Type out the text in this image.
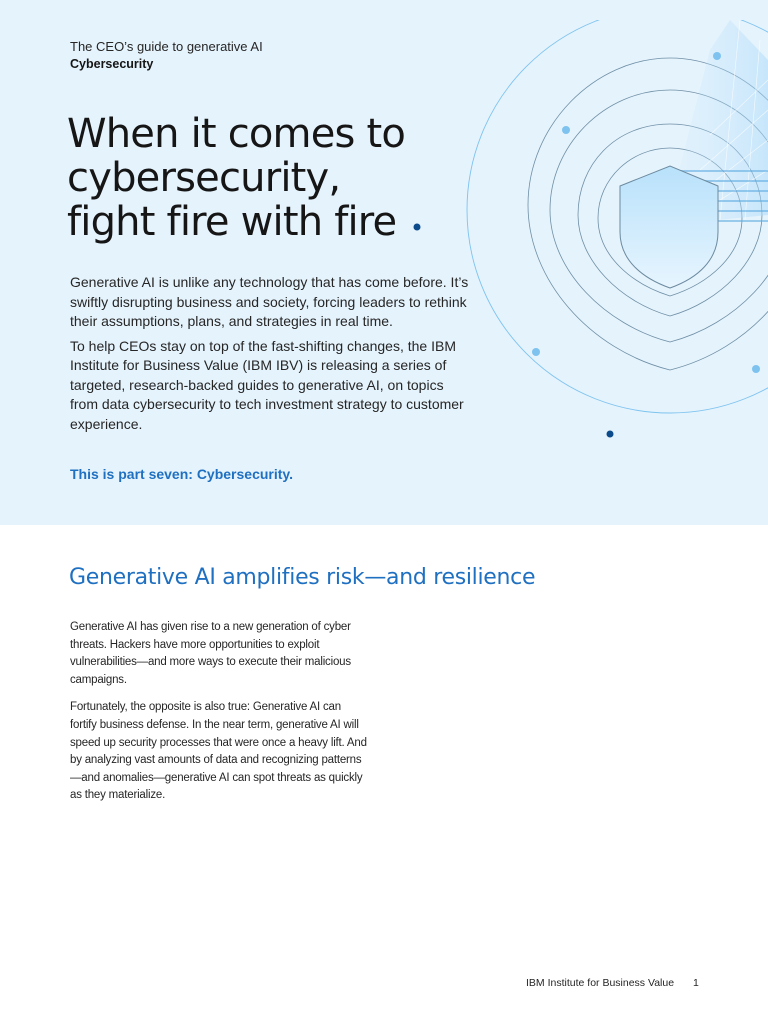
The CEO’s guide to generative AI
Cybersecurity
When it comes to cybersecurity, fight fire with fire

Generative AI is unlike any technology that has come before. It’s swiftly disrupting business and society, forcing leaders to rethink their assumptions, plans, and strategies in real time.

To help CEOs stay on top of the fast-shifting changes, the IBM Institute for Business Value (IBM IBV) is releasing a series of targeted, research-backed guides to generative AI, on topics from data cybersecurity to tech investment strategy to customer experience.

This is part seven: Cybersecurity.
Generative AI amplifies risk—and resilience

Generative AI has given rise to a new generation of cyber threats. Hackers have more opportunities to exploit vulnerabilities—and more ways to execute their malicious campaigns.

Fortunately, the opposite is also true: Generative AI can fortify business defense. In the near term, generative AI will speed up security processes that were once a heavy lift. And by analyzing vast amounts of data and recognizing patterns—and anomalies—generative AI can spot threats as quickly as they materialize.

IBM Institute for Business Value 1
